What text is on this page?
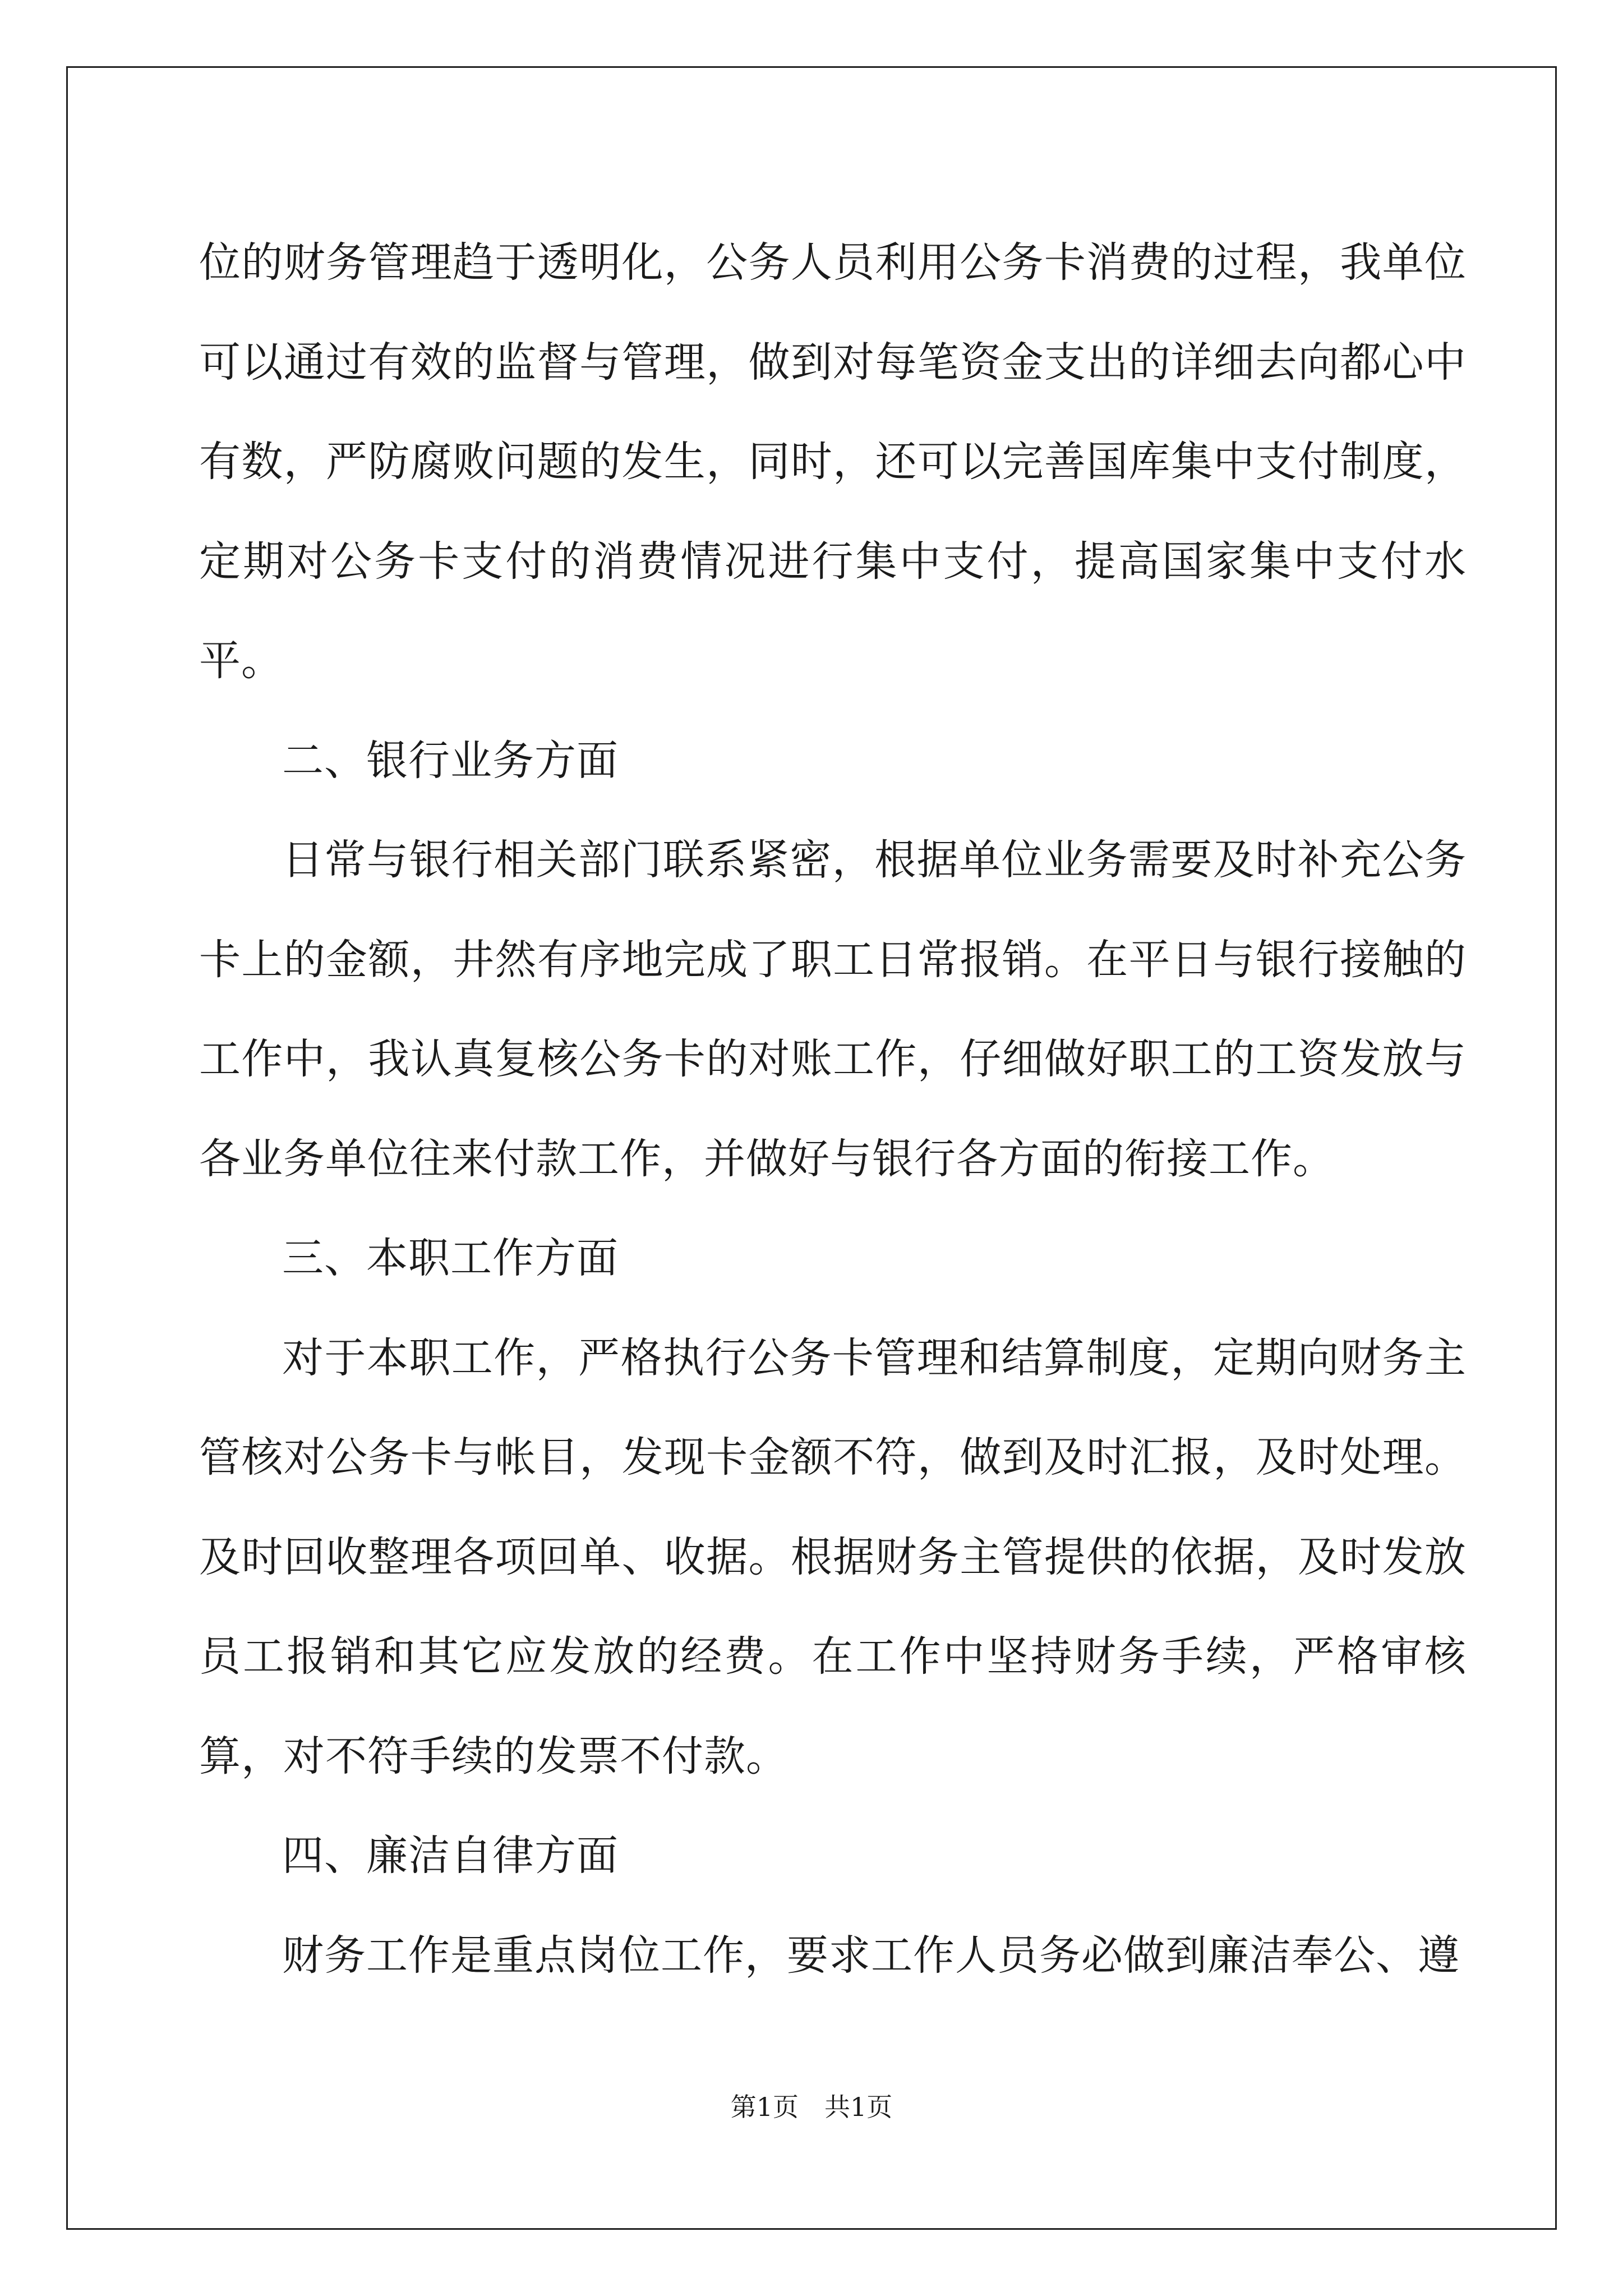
位的财务管理趋于透明化，公务人员利用公务卡消费的过程，我单位可以通过有效的监督与管理，做到对每笔资金支出的详细去向都心中有数，严防腐败问题的发生，同时，还可以完善国库集中支付制度，定期对公务卡支付的消费情况进行集中支付，提高国家集中支付水平。

二、银行业务方面

日常与银行相关部门联系紧密，根据单位业务需要及时补充公务卡上的金额，井然有序地完成了职工日常报销。在平日与银行接触的工作中，我认真复核公务卡的对账工作，仔细做好职工的工资发放与各业务单位往来付款工作，并做好与银行各方面的衔接工作。

三、本职工作方面

对于本职工作，严格执行公务卡管理和结算制度，定期向财务主管核对公务卡与帐目，发现卡金额不符，做到及时汇报，及时处理。及时回收整理各项回单、收据。根据财务主管提供的依据，及时发放员工报销和其它应发放的经费。在工作中坚持财务手续，严格审核算，对不符手续的发票不付款。

四、廉洁自律方面

财务工作是重点岗位工作，要求工作人员务必做到廉洁奉公、遵

第1页　共1页
